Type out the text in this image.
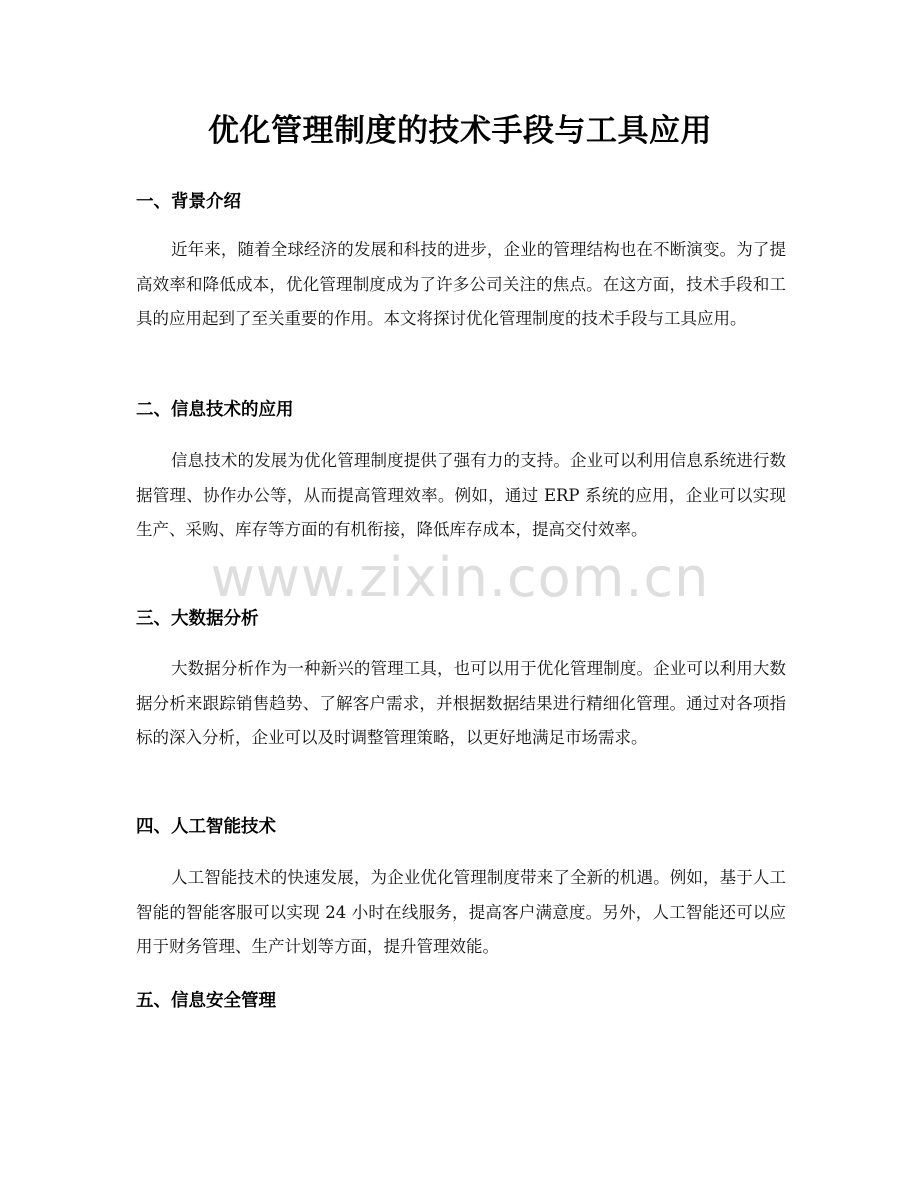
优化管理制度的技术手段与工具应用
一、背景介绍

近年来，随着全球经济的发展和科技的进步，企业的管理结构也在不断演变。为了提高效率和降低成本，优化管理制度成为了许多公司关注的焦点。在这方面，技术手段和工具的应用起到了至关重要的作用。本文将探讨优化管理制度的技术手段与工具应用。

二、信息技术的应用

信息技术的发展为优化管理制度提供了强有力的支持。企业可以利用信息系统进行数据管理、协作办公等，从而提高管理效率。例如，通过 ERP 系统的应用，企业可以实现生产、采购、库存等方面的有机衔接，降低库存成本，提高交付效率。

三、大数据分析

大数据分析作为一种新兴的管理工具，也可以用于优化管理制度。企业可以利用大数据分析来跟踪销售趋势、了解客户需求，并根据数据结果进行精细化管理。通过对各项指标的深入分析，企业可以及时调整管理策略，以更好地满足市场需求。

四、人工智能技术

人工智能技术的快速发展，为企业优化管理制度带来了全新的机遇。例如，基于人工智能的智能客服可以实现 24 小时在线服务，提高客户满意度。另外，人工智能还可以应用于财务管理、生产计划等方面，提升管理效能。

五、信息安全管理
www.zixin.com.cn
